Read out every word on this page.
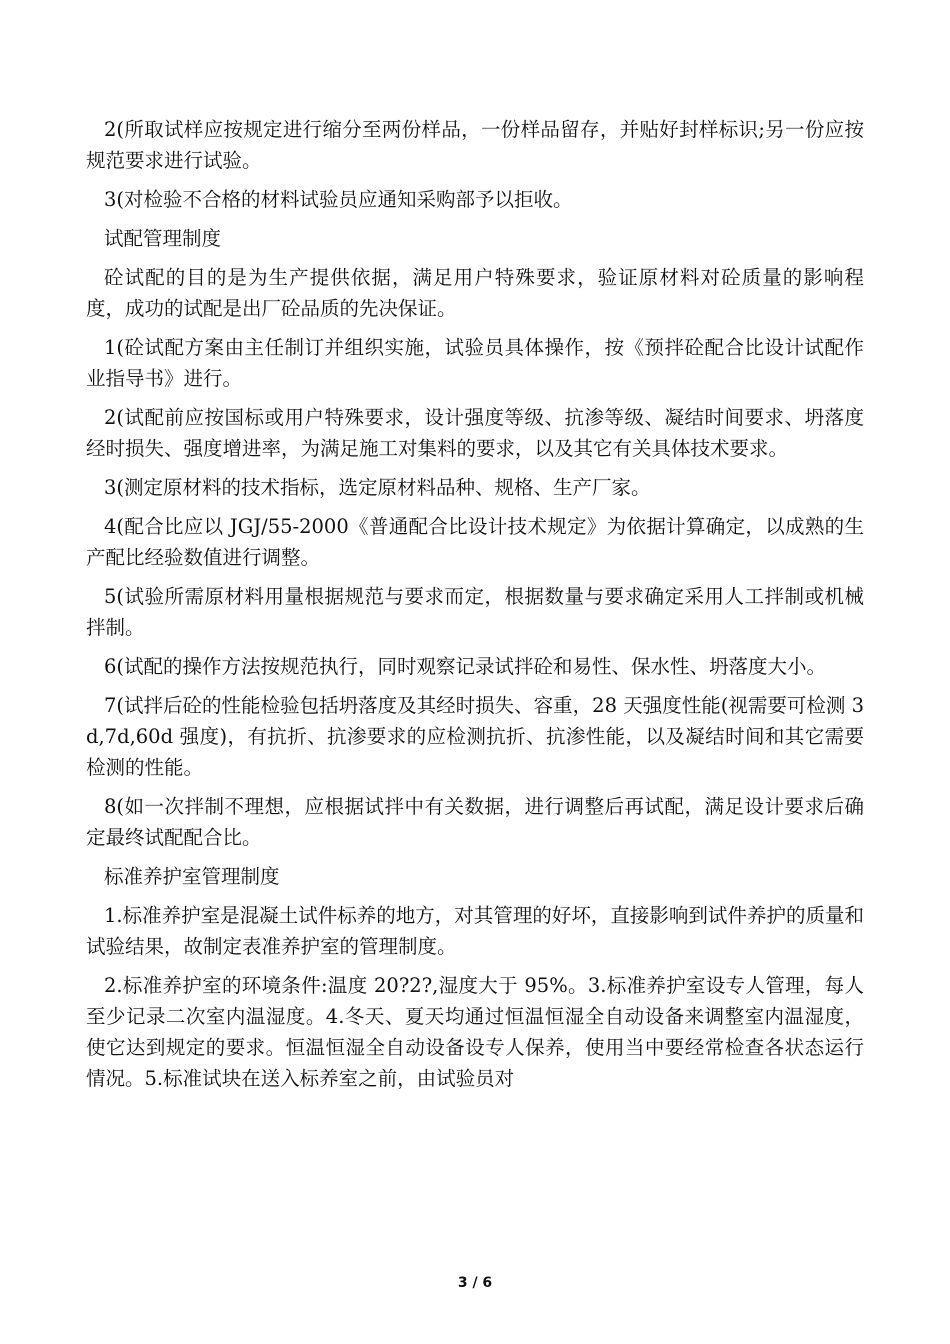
2(所取试样应按规定进行缩分至两份样品，一份样品留存，并贴好封样标识;另一份应按规范要求进行试验。

3(对检验不合格的材料试验员应通知采购部予以拒收。

试配管理制度

砼试配的目的是为生产提供依据，满足用户特殊要求，验证原材料对砼质量的影响程度，成功的试配是出厂砼品质的先决保证。

1(砼试配方案由主任制订并组织实施，试验员具体操作，按《预拌砼配合比设计试配作业指导书》进行。

2(试配前应按国标或用户特殊要求，设计强度等级、抗渗等级、凝结时间要求、坍落度经时损失、强度增进率，为满足施工对集料的要求，以及其它有关具体技术要求。

3(测定原材料的技术指标，选定原材料品种、规格、生产厂家。

4(配合比应以 JGJ/55-2000《普通配合比设计技术规定》为依据计算确定，以成熟的生产配比经验数值进行调整。

5(试验所需原材料用量根据规范与要求而定，根据数量与要求确定采用人工拌制或机械拌制。

6(试配的操作方法按规范执行，同时观察记录试拌砼和易性、保水性、坍落度大小。

7(试拌后砼的性能检验包括坍落度及其经时损失、容重，28 天强度性能(视需要可检测 3d,7d,60d 强度)，有抗折、抗渗要求的应检测抗折、抗渗性能，以及凝结时间和其它需要检测的性能。

8(如一次拌制不理想，应根据试拌中有关数据，进行调整后再试配，满足设计要求后确定最终试配配合比。

标准养护室管理制度

1.标准养护室是混凝土试件标养的地方，对其管理的好坏，直接影响到试件养护的质量和试验结果，故制定表准养护室的管理制度。

2.标准养护室的环境条件:温度 20?2?,湿度大于 95%。3.标准养护室设专人管理，每人至少记录二次室内温湿度。4.冬天、夏天均通过恒温恒湿全自动设备来调整室内温湿度，使它达到规定的要求。恒温恒湿全自动设备设专人保养，使用当中要经常检查各状态运行情况。5.标准试块在送入标养室之前，由试验员对

3 / 6
